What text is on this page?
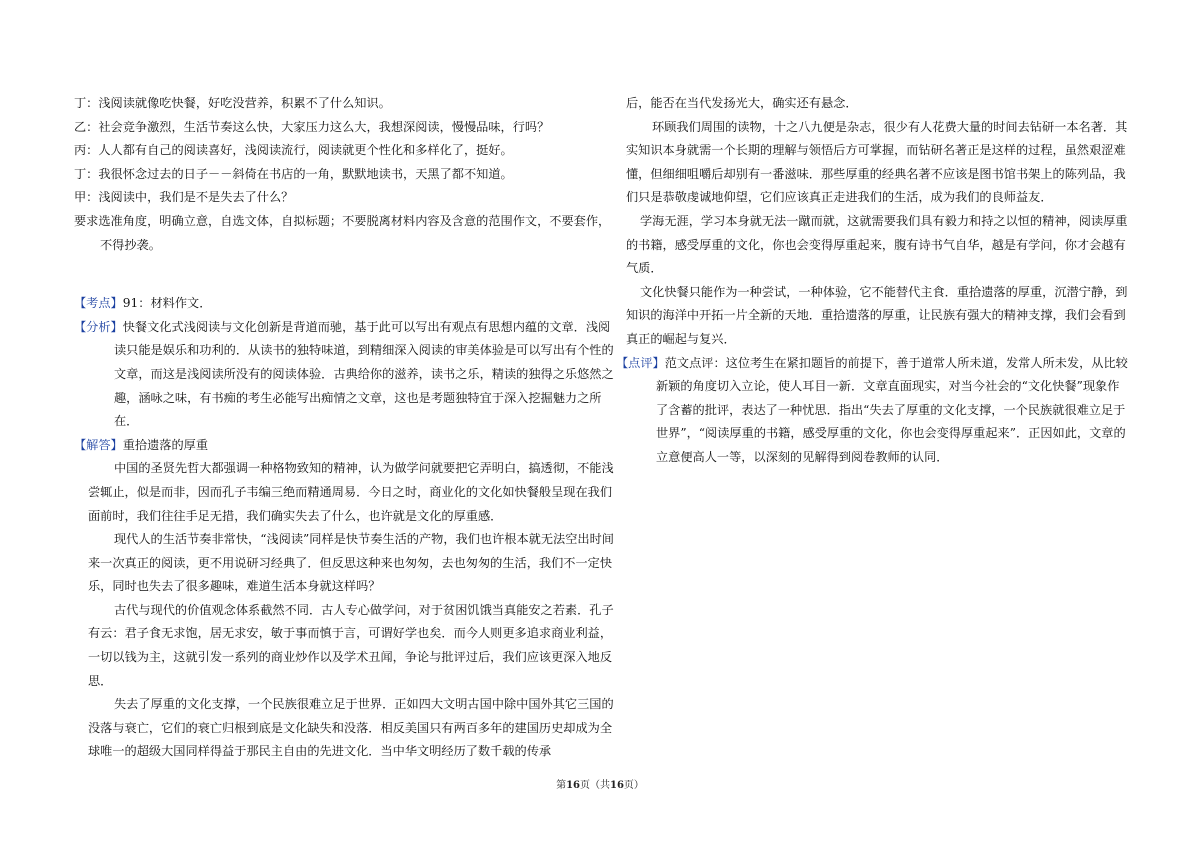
丁：浅阅读就像吃快餐，好吃没营养，积累不了什么知识。

乙：社会竞争激烈，生活节奏这么快，大家压力这么大，我想深阅读，慢慢品味，行吗？

丙：人人都有自己的阅读喜好，浅阅读流行，阅读就更个性化和多样化了，挺好。

丁：我很怀念过去的日子－－斜倚在书店的一角，默默地读书，天黑了都不知道。

甲：浅阅读中，我们是不是失去了什么？

要求选准角度，明确立意，自选文体，自拟标题；不要脱离材料内容及含意的范围作文，不要套作，不得抄袭。

【考点】91：材料作文．

【分析】快餐文化式浅阅读与文化创新是背道而驰，基于此可以写出有观点有思想内蕴的文章．浅阅读只能是娱乐和功利的．从读书的独特味道，到精细深入阅读的审美体验是可以写出有个性的文章，而这是浅阅读所没有的阅读体验．古典给你的滋养，读书之乐，精读的独得之乐悠然之趣，涵咏之味，有书痴的考生必能写出痴情之文章，这也是考题独特宜于深入挖掘魅力之所在．

【解答】重拾遗落的厚重

中国的圣贤先哲大都强调一种格物致知的精神，认为做学问就要把它弄明白，搞透彻，不能浅尝辄止，似是而非，因而孔子韦编三绝而精通周易．今日之时，商业化的文化如快餐般呈现在我们面前时，我们往往手足无措，我们确实失去了什么，也许就是文化的厚重感．

现代人的生活节奏非常快，“浅阅读”同样是快节奏生活的产物，我们也许根本就无法空出时间来一次真正的阅读，更不用说研习经典了．但反思这种来也匆匆，去也匆匆的生活，我们不一定快乐，同时也失去了很多趣味，难道生活本身就这样吗？

古代与现代的价值观念体系截然不同．古人专心做学问，对于贫困饥饿当真能安之若素．孔子有云：君子食无求饱，居无求安，敏于事而慎于言，可谓好学也矣．而今人则更多追求商业利益，一切以钱为主，这就引发一系列的商业炒作以及学术丑闻，争论与批评过后，我们应该更深入地反思．

失去了厚重的文化支撑，一个民族很难立足于世界．正如四大文明古国中除中国外其它三国的没落与衰亡，它们的衰亡归根到底是文化缺失和没落．相反美国只有两百多年的建国历史却成为全球唯一的超级大国同样得益于那民主自由的先进文化．当中华文明经历了数千载的传承

后，能否在当代发扬光大，确实还有悬念．

环顾我们周围的读物，十之八九便是杂志，很少有人花费大量的时间去钻研一本名著．其实知识本身就需一个长期的理解与领悟后方可掌握，而钻研名著正是这样的过程，虽然艰涩难懂，但细细咀嚼后却别有一番滋味．那些厚重的经典名著不应该是图书馆书架上的陈列品，我们只是恭敬虔诚地仰望，它们应该真正走进我们的生活，成为我们的良师益友．

学海无涯，学习本身就无法一蹴而就，这就需要我们具有毅力和持之以恒的精神，阅读厚重的书籍，感受厚重的文化，你也会变得厚重起来，腹有诗书气自华，越是有学问，你才会越有气质．

文化快餐只能作为一种尝试，一种体验，它不能替代主食．重拾遗落的厚重，沉潜宁静，到知识的海洋中开拓一片全新的天地．重拾遗落的厚重，让民族有强大的精神支撑，我们会看到真正的崛起与复兴．

【点评】范文点评：这位考生在紧扣题旨的前提下，善于道常人所未道，发常人所未发，从比较新颖的角度切入立论，使人耳目一新．文章直面现实，对当今社会的“文化快餐”现象作了含蓄的批评，表达了一种忧思．指出“失去了厚重的文化支撑，一个民族就很难立足于世界”，“阅读厚重的书籍，感受厚重的文化，你也会变得厚重起来”．正因如此，文章的立意便高人一等，以深刻的见解得到阅卷教师的认同．

第16页（共16页）
